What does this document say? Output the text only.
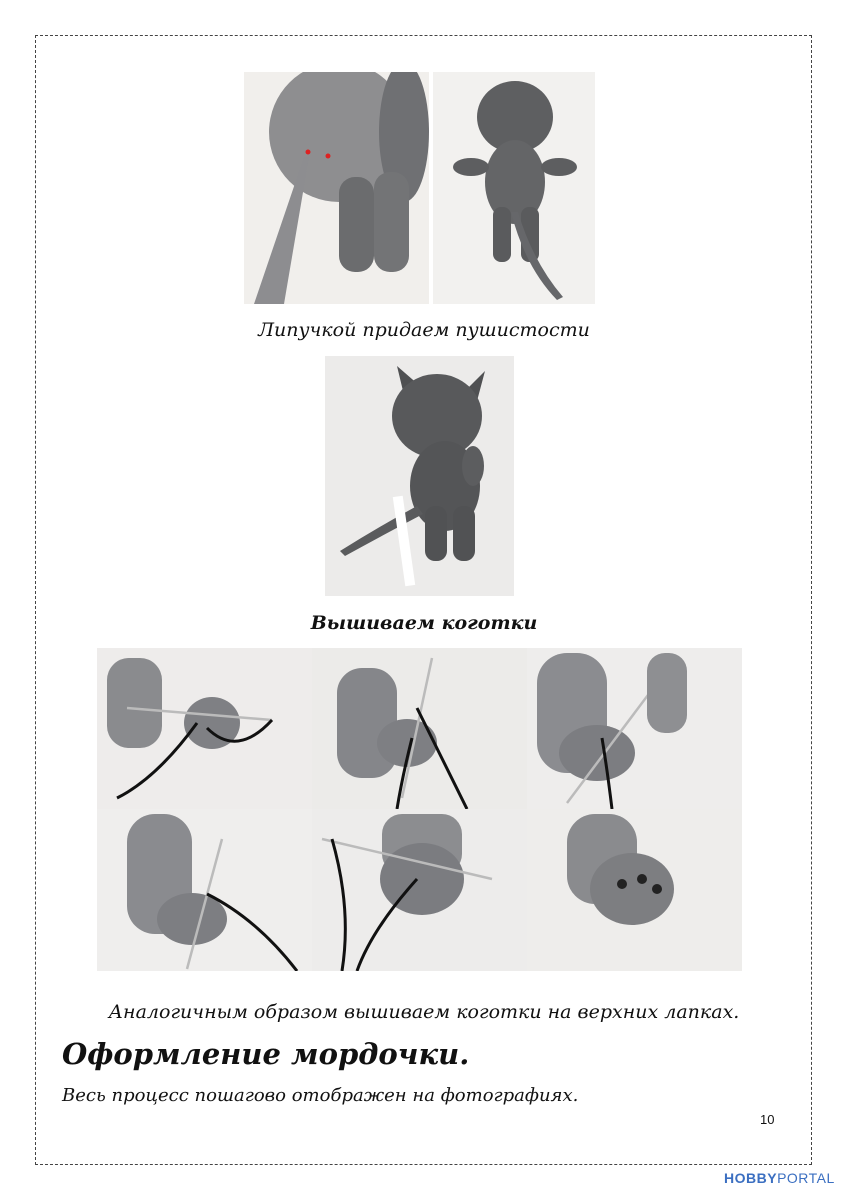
Липучкой придаем пушистости
Вышиваем коготки
Аналогичным образом вышиваем коготки на верхних лапках.
Оформление мордочки.
Весь процесс пошагово отображен на фотографиях.
10
HOBBYPORTAL
